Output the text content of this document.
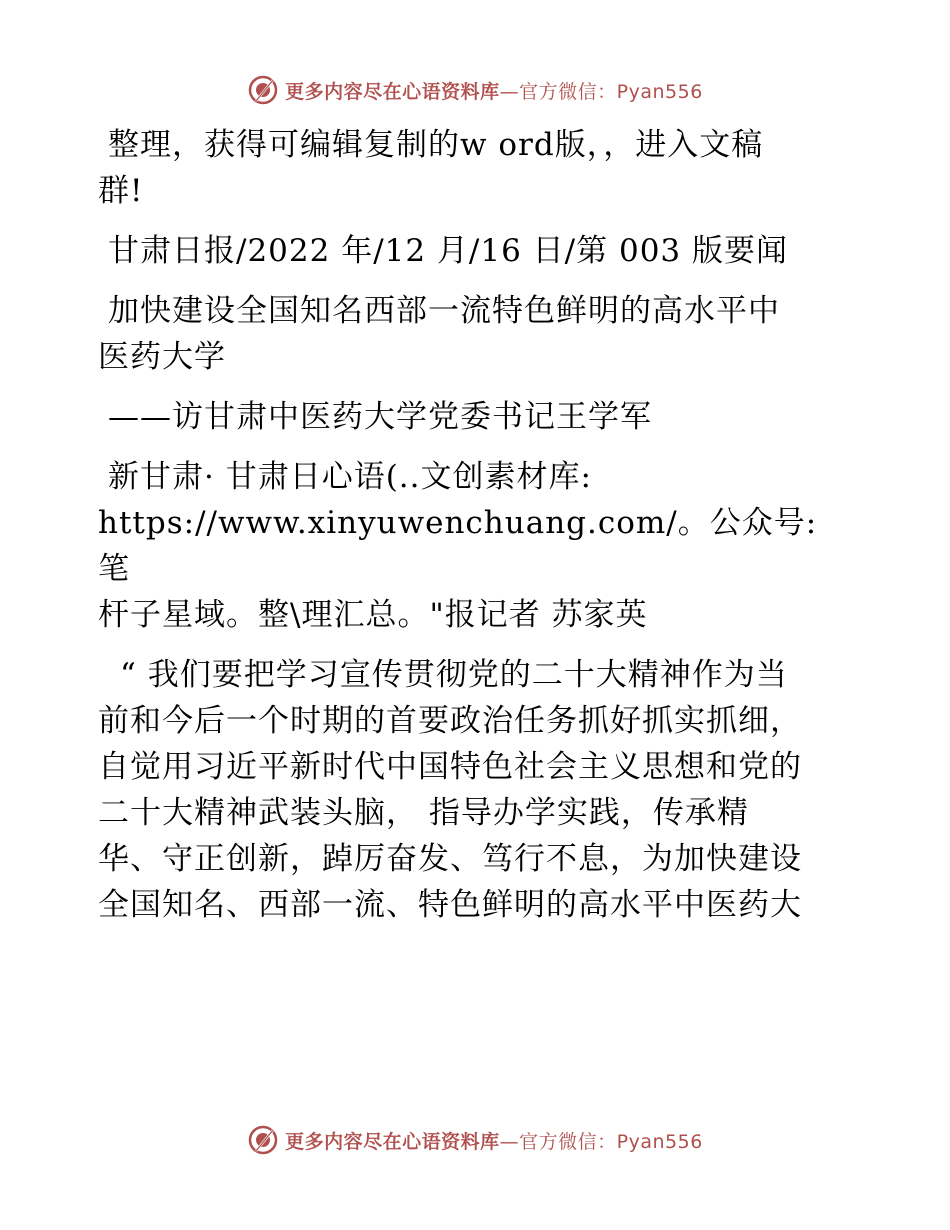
更多内容尽在心语资料库—官方微信：Pyan556

整理，获得可编辑复制的w ord版，，进入文稿
群!

甘肃日报/2022 年/12 月/16 日/第 003 版要闻

加快建设全国知名西部一流特色鲜明的高水平中
医药大学

——访甘肃中医药大学党委书记王学军

新甘肃· 甘肃日心语(..文创素材库:
https://www.xinyuwenchuang.com/。公众号: 笔
杆子星域。整\理汇总。"报记者 苏家英

“ 我们要把学习宣传贯彻党的二十大精神作为当
前和今后一个时期的首要政治任务抓好抓实抓细，
自觉用习近平新时代中国特色社会主义思想和党的
二十大精神武装头脑， 指导办学实践，传承精
华、守正创新，踔厉奋发、笃行不息，为加快建设
全国知名、西部一流、特色鲜明的高水平中医药大

更多内容尽在心语资料库—官方微信：Pyan556
